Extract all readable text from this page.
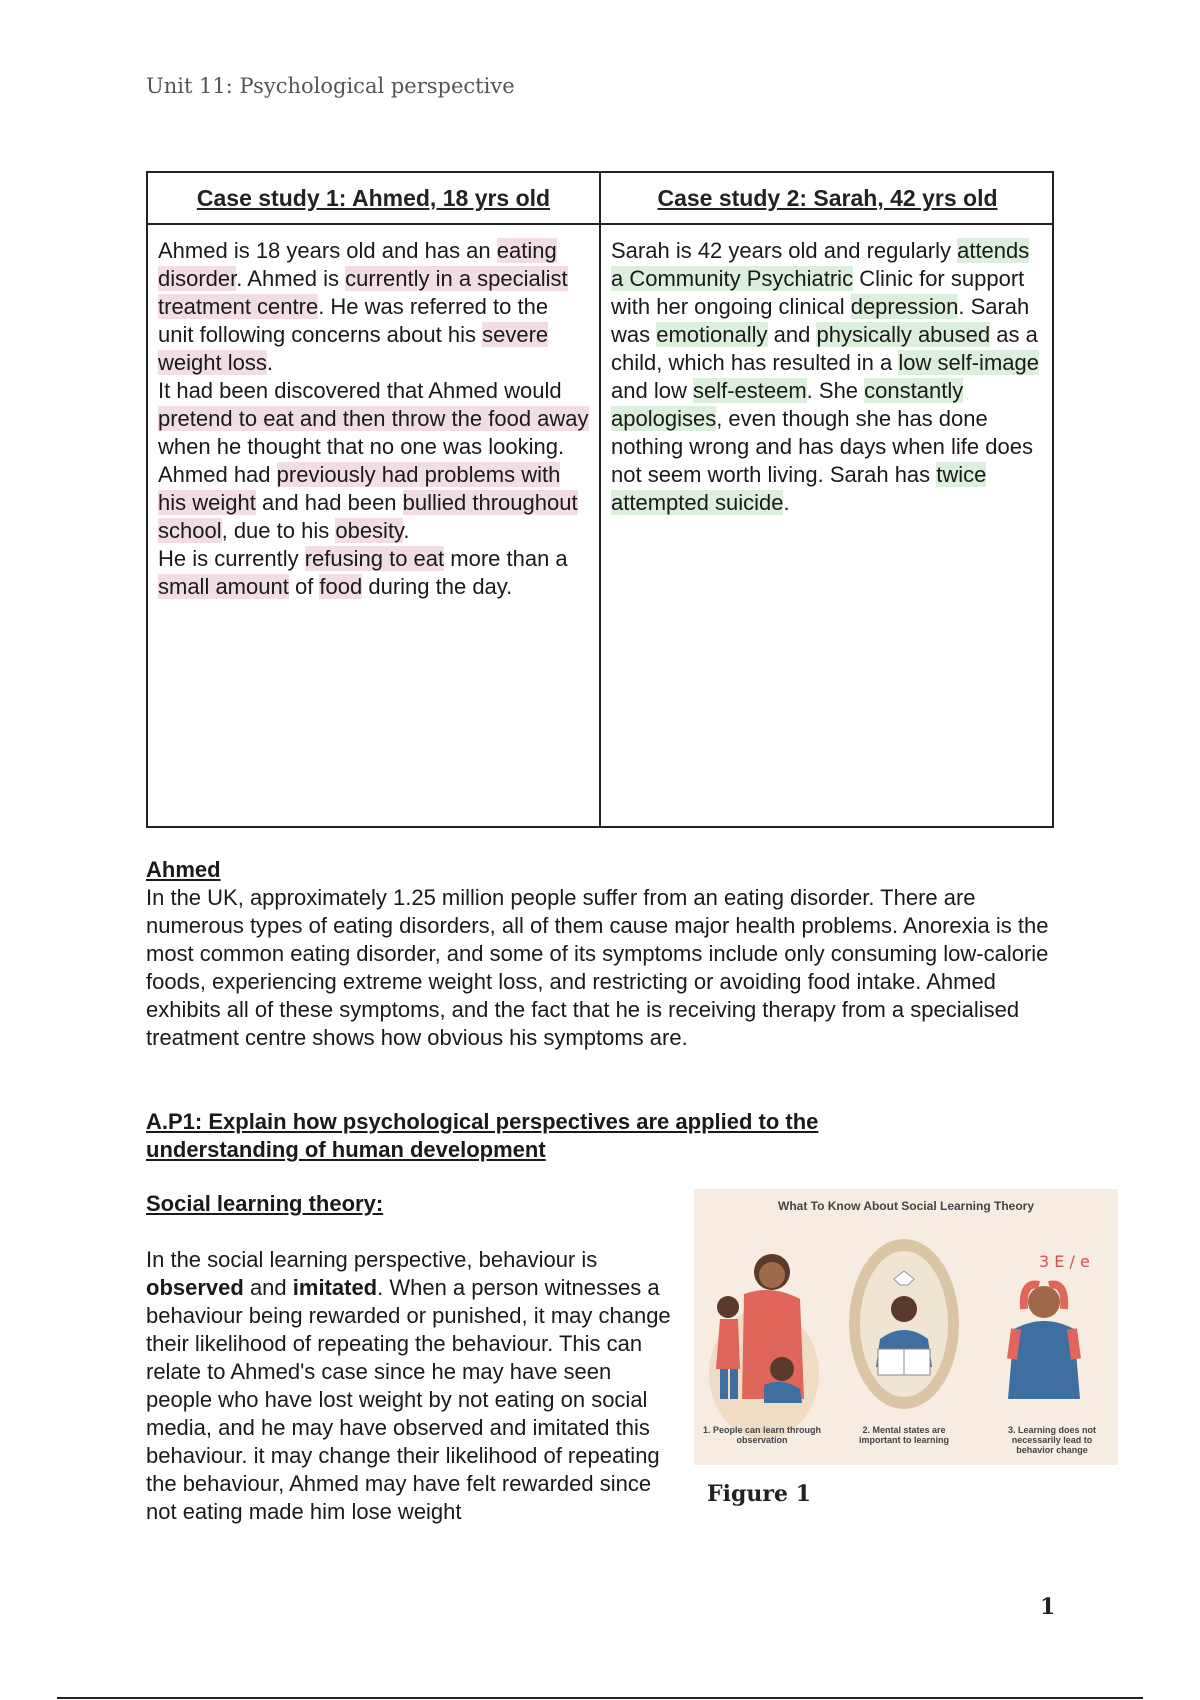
Unit 11: Psychological perspective
Case study 1: Ahmed, 18 yrs old	Case study 2: Sarah, 42 yrs old
Ahmed is 18 years old and has an eating disorder. Ahmed is currently in a specialist treatment centre. He was referred to the unit following concerns about his severe weight loss.
It had been discovered that Ahmed would pretend to eat and then throw the food away when he thought that no one was looking.
Ahmed had previously had problems with his weight and had been bullied throughout school, due to his obesity.
He is currently refusing to eat more than a small amount of food during the day.
Sarah is 42 years old and regularly attends a Community Psychiatric Clinic for support with her ongoing clinical depression. Sarah was emotionally and physically abused as a child, which has resulted in a low self-image and low self-esteem. She constantly apologises, even though she has done nothing wrong and has days when life does not seem worth living. Sarah has twice attempted suicide.
Ahmed
In the UK, approximately 1.25 million people suffer from an eating disorder. There are numerous types of eating disorders, all of them cause major health problems. Anorexia is the most common eating disorder, and some of its symptoms include only consuming low-calorie foods, experiencing extreme weight loss, and restricting or avoiding food intake. Ahmed exhibits all of these symptoms, and the fact that he is receiving therapy from a specialised treatment centre shows how obvious his symptoms are.
A.P1: Explain how psychological perspectives are applied to the understanding of human development
Social learning theory:
In the social learning perspective, behaviour is observed and imitated. When a person witnesses a behaviour being rewarded or punished, it may change their likelihood of repeating the behaviour. This can relate to Ahmed's case since he may have seen people who have lost weight by not eating on social media, and he may have observed and imitated this behaviour. it may change their likelihood of repeating the behaviour, Ahmed may have felt rewarded since not eating made him lose weight
What To Know About Social Learning Theory
3 E / e
1. People can learn through observation
2. Mental states are important to learning
3. Learning does not necessarily lead to behavior change
Figure 1
1
